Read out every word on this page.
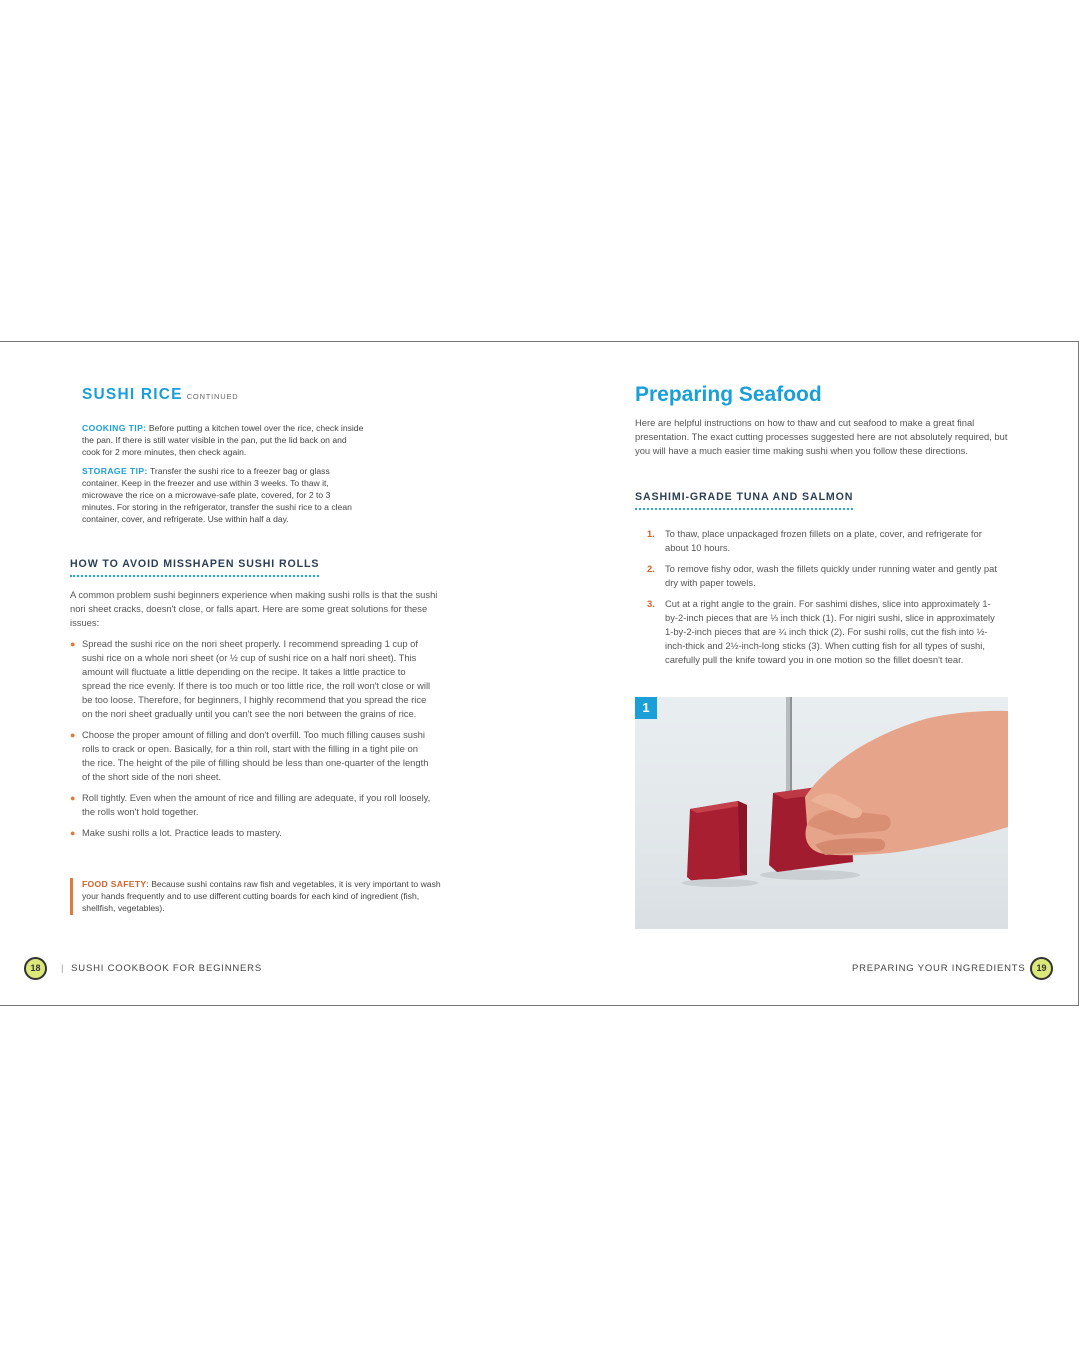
SUSHI RICE CONTINUED
COOKING TIP: Before putting a kitchen towel over the rice, check inside the pan. If there is still water visible in the pan, put the lid back on and cook for 2 more minutes, then check again.
STORAGE TIP: Transfer the sushi rice to a freezer bag or glass container. Keep in the freezer and use within 3 weeks. To thaw it, microwave the rice on a microwave-safe plate, covered, for 2 to 3 minutes. For storing in the refrigerator, transfer the sushi rice to a clean container, cover, and refrigerate. Use within half a day.
HOW TO AVOID MISSHAPEN SUSHI ROLLS
A common problem sushi beginners experience when making sushi rolls is that the sushi nori sheet cracks, doesn't close, or falls apart. Here are some great solutions for these issues:
● Spread the sushi rice on the nori sheet properly. I recommend spreading 1 cup of sushi rice on a whole nori sheet (or ½ cup of sushi rice on a half nori sheet). This amount will fluctuate a little depending on the recipe. It takes a little practice to spread the rice evenly. If there is too much or too little rice, the roll won't close or will be too loose. Therefore, for beginners, I highly recommend that you spread the rice on the nori sheet gradually until you can't see the nori between the grains of rice.
● Choose the proper amount of filling and don't overfill. Too much filling causes sushi rolls to crack or open. Basically, for a thin roll, start with the filling in a tight pile on the rice. The height of the pile of filling should be less than one-quarter of the length of the short side of the nori sheet.
● Roll tightly. Even when the amount of rice and filling are adequate, if you roll loosely, the rolls won't hold together.
● Make sushi rolls a lot. Practice leads to mastery.
FOOD SAFETY: Because sushi contains raw fish and vegetables, it is very important to wash your hands frequently and to use different cutting boards for each kind of ingredient (fish, shellfish, vegetables).
18	| SUSHI COOKBOOK FOR BEGINNERS
Preparing Seafood
Here are helpful instructions on how to thaw and cut seafood to make a great final presentation. The exact cutting processes suggested here are not absolutely required, but you will have a much easier time making sushi when you follow these directions.
SASHIMI-GRADE TUNA AND SALMON
1. To thaw, place unpackaged frozen fillets on a plate, cover, and refrigerate for about 10 hours.
2. To remove fishy odor, wash the fillets quickly under running water and gently pat dry with paper towels.
3. Cut at a right angle to the grain. For sashimi dishes, slice into approximately 1-by-2-inch pieces that are ⅓ inch thick (1). For nigiri sushi, slice in approximately 1-by-2-inch pieces that are ¼ inch thick (2). For sushi rolls, cut the fish into ½-inch-thick and 2½-inch-long sticks (3). When cutting fish for all types of sushi, carefully pull the knife toward you in one motion so the fillet doesn't tear.
1
PREPARING YOUR INGREDIENTS	19
